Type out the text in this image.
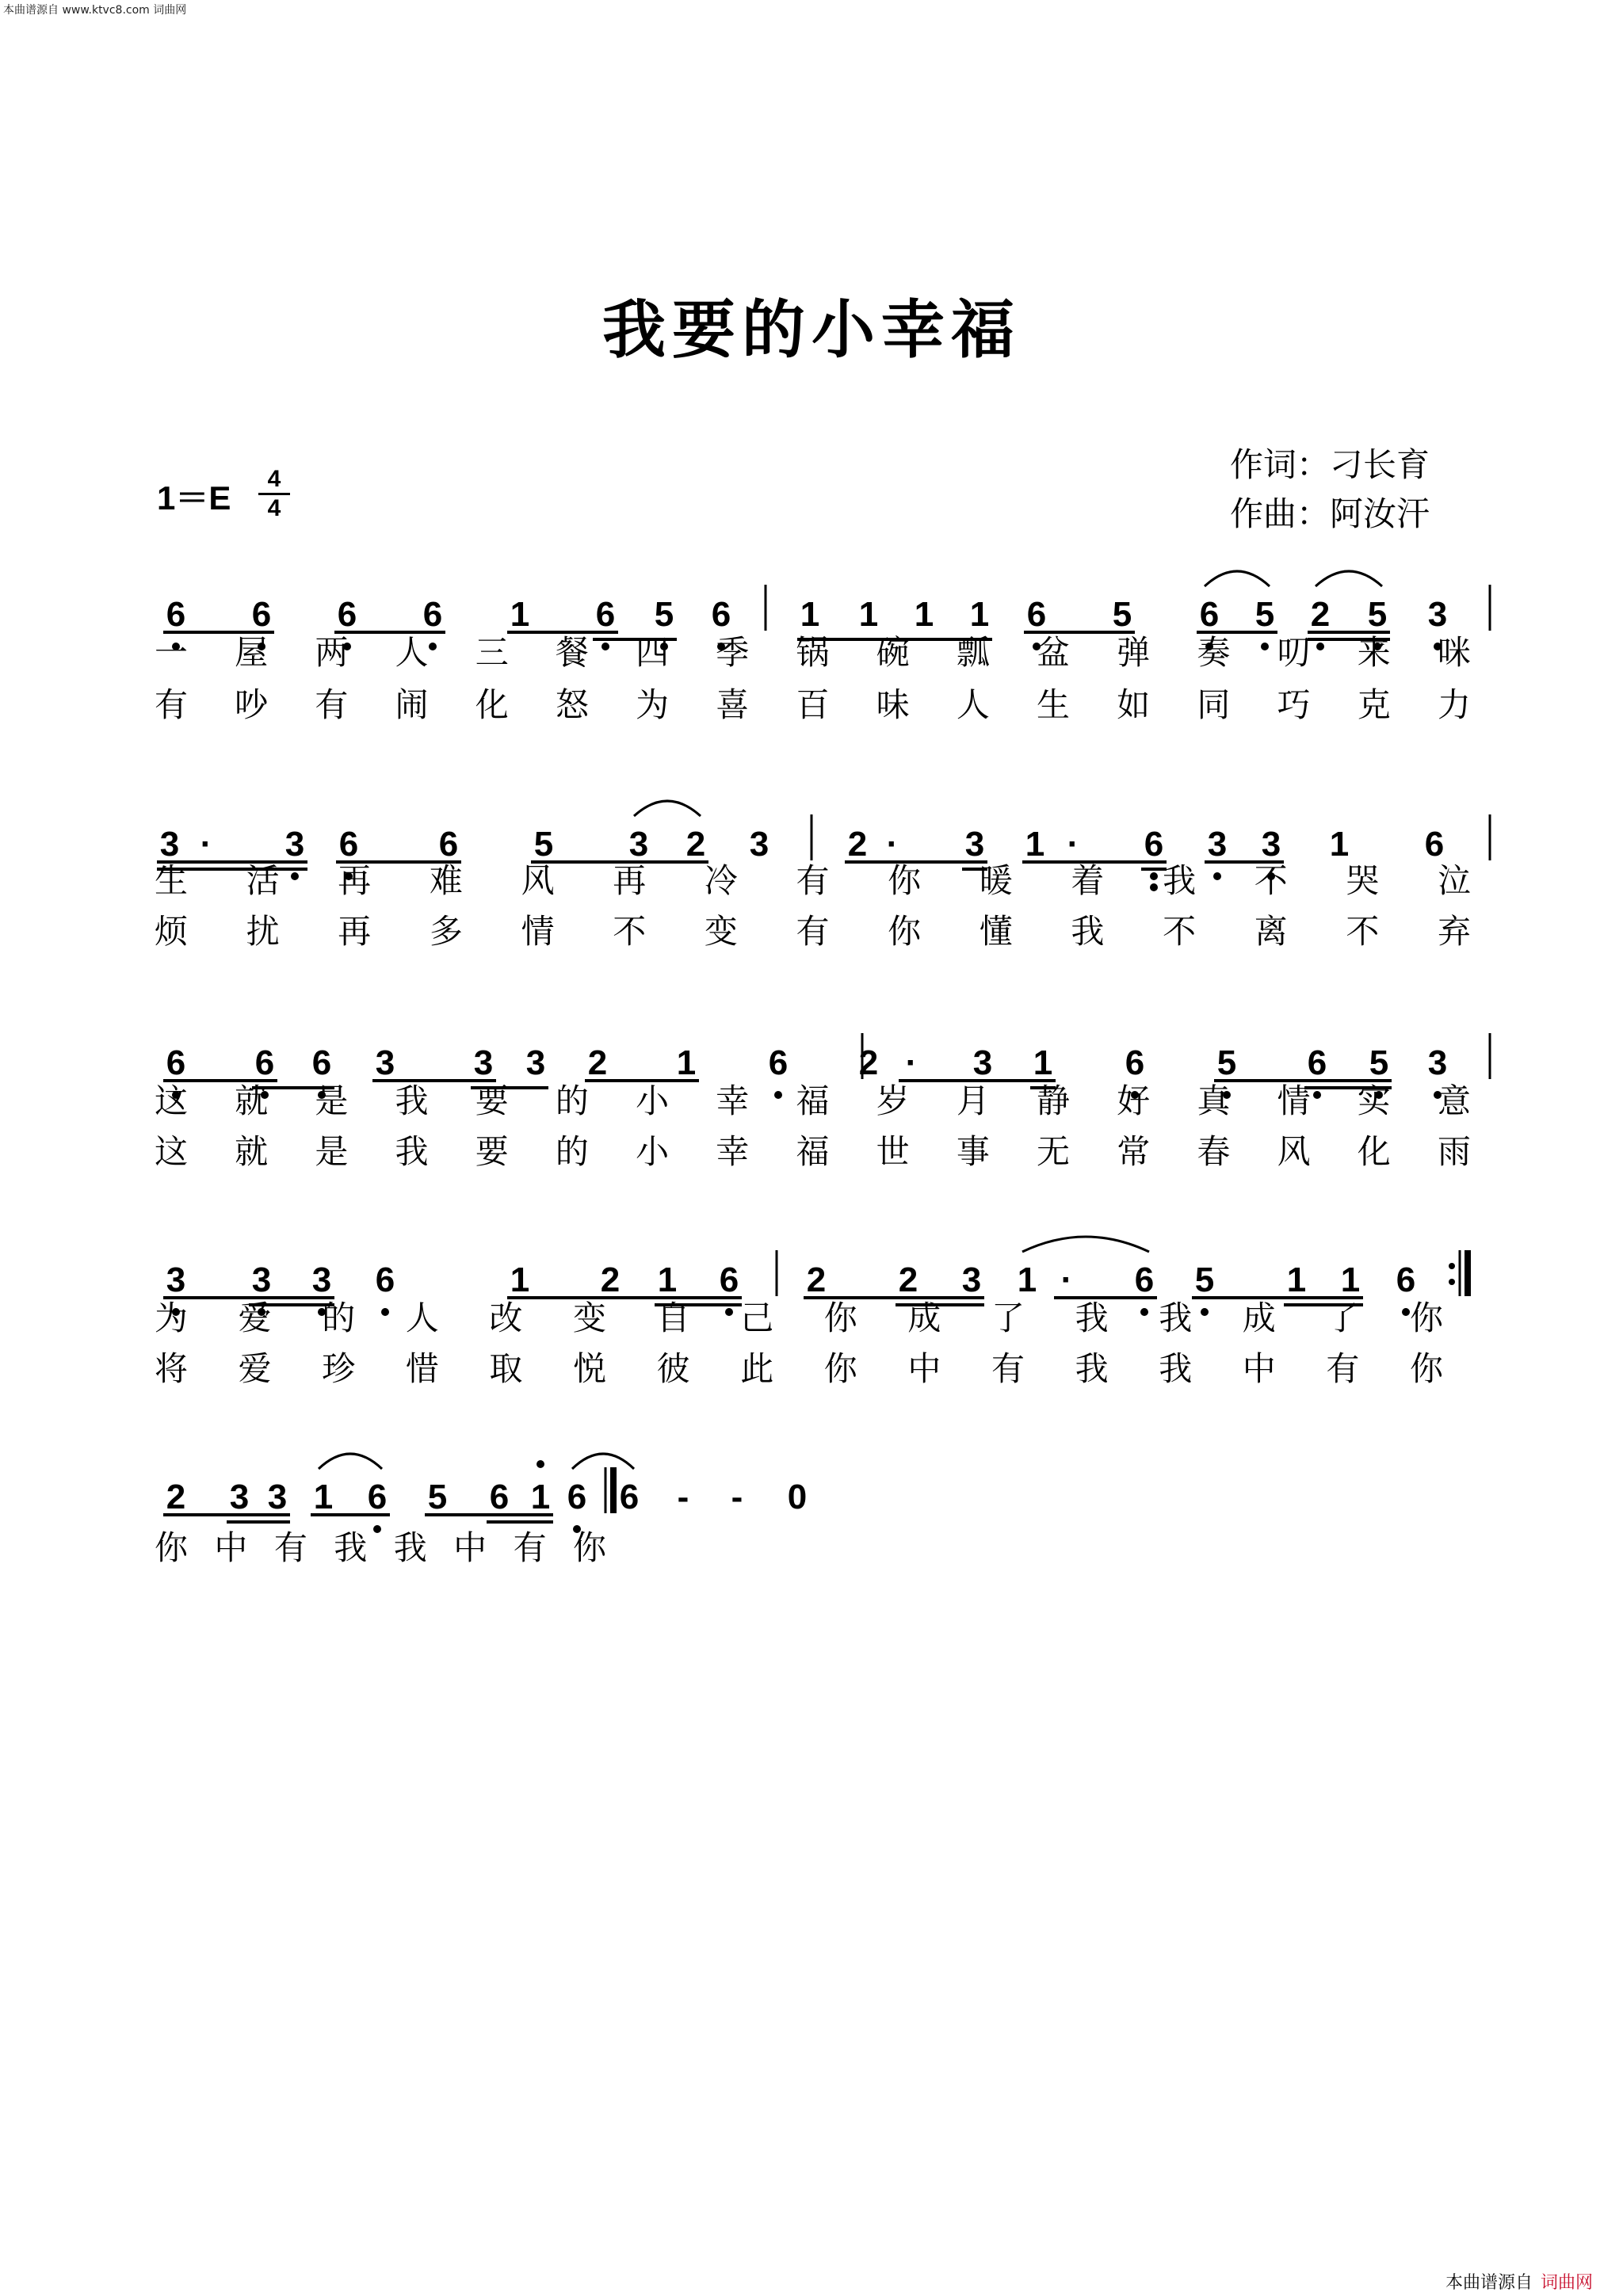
本曲谱源自 www.ktvc8.com 词曲网
我要的小幸福
1＝E
4
4
作词：刁长育
作曲：阿汝汗
6 6 6 6 1 6 5 6 1 1 1 1 6 5 6 5 2 5 3
一 屋 两 人 三 餐 四 季 锅 碗 瓢 盆 弹 奏 叨 来 咪
有 吵 有 闹 化 怒 为 喜 百 味 人 生 如 同 巧 克 力
3 · 3 6 6 5 3 2 3 2 · 3 1 · 6 3 3 1 6
生 活 再 难 风 再 冷 有 你 暖 着 我 不 哭 泣
烦 扰 再 多 情 不 变 有 你 懂 我 不 离 不 弃
6 6 6 3 3 3 2 1 6 2 · 3 1 6 5 6 5 3
这 就 是 我 要 的 小 幸 福 岁 月 静 好 真 情 实 意
这 就 是 我 要 的 小 幸 福 世 事 无 常 春 风 化 雨
3 3 3 6	1 2 1 6 2 2 3 1 · 6 5 1 1 6
为 爱 的 人 改 变 自 己 你 成 了 我 我 成 了 你
将 爱 珍 惜 取 悦 彼 此 你 中 有 我 我 中 有 你
2 3 3 1 6 5 6 1 6 6 - - 0
你 中 有 我 我 中 有 你
本曲谱源自 词曲网
